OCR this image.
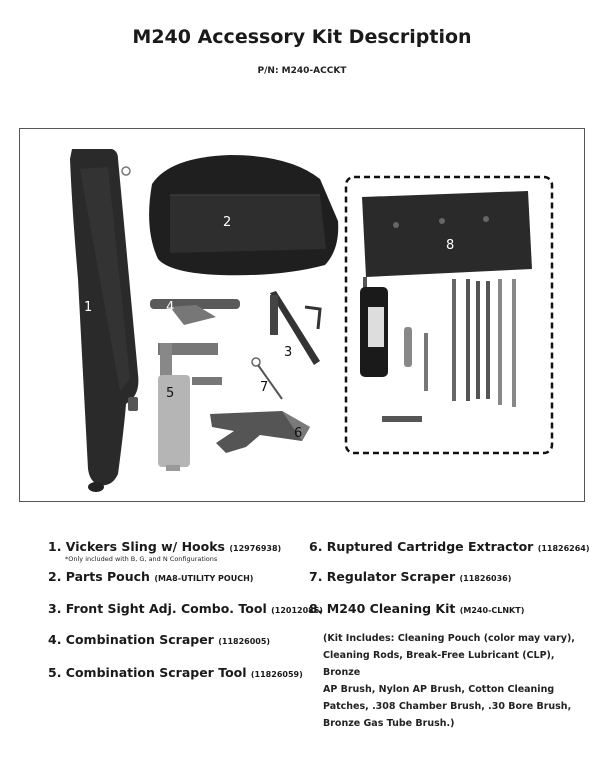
M240 Accessory Kit Description
P/N: M240-ACCKT
1
2
4
3
5	7
6
8
1. Vickers Sling w/ Hooks (12976938)
*Only included with B, G, and N Configurations
2. Parts Pouch (MA8-UTILITY POUCH)
3. Front Sight Adj. Combo. Tool (12012086)
4. Combination Scraper (11826005)
5. Combination Scraper Tool (11826059)
6. Ruptured Cartridge Extractor (11826264)
7. Regulator Scraper (11826036)
8. M240 Cleaning Kit (M240-CLNKT)
(Kit Includes: Cleaning Pouch (color may vary),
Cleaning Rods, Break-Free Lubricant (CLP), Bronze
AP Brush, Nylon AP Brush, Cotton Cleaning
Patches, .308 Chamber Brush, .30 Bore Brush,
Bronze Gas Tube Brush.)
